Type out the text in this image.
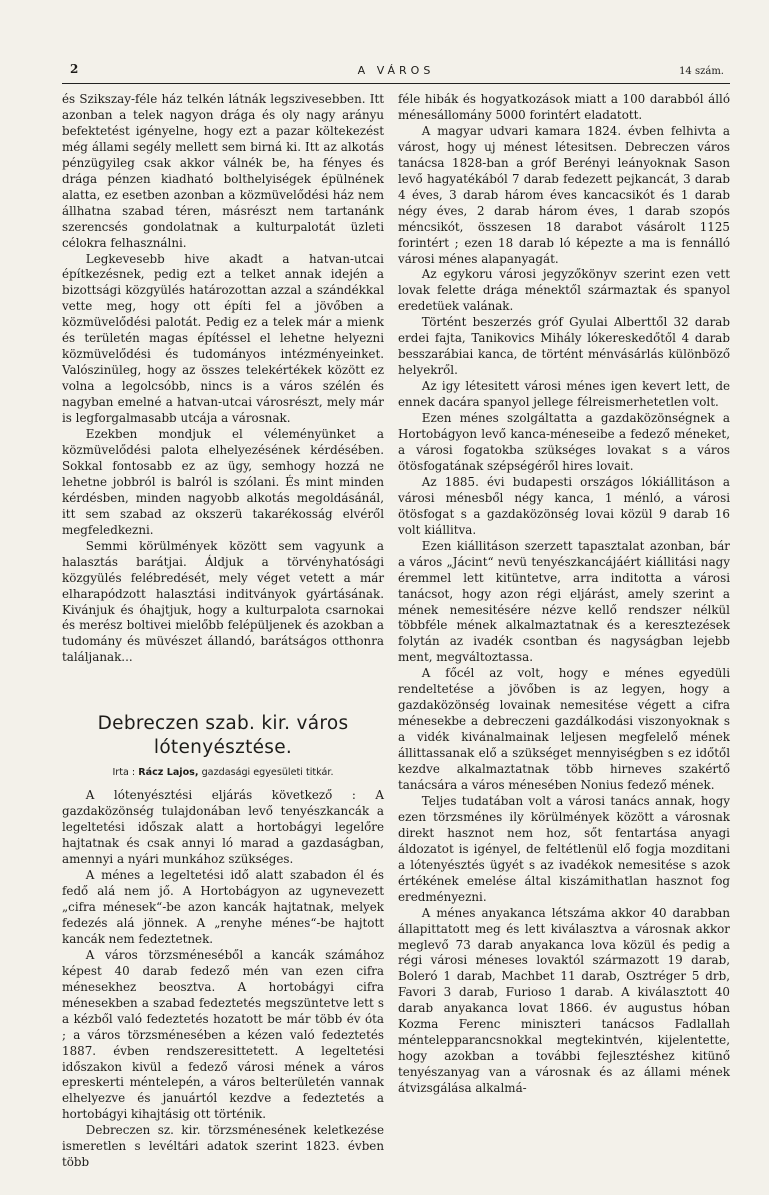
2	A VÁROS	14 szám.

és Szikszay-féle ház telkén látnák legszivesebben. Itt azonban a telek nagyon drága és oly nagy arányu befektetést igényelne, hogy ezt a pazar költekezést még állami segély mellett sem birná ki. Itt az alkotás pénzügyileg csak akkor válnék be, ha fényes és drága pénzen kiadható bolthelyiségek épülnének alatta, ez esetben azonban a közmüvelődési ház nem állhatna szabad téren, másrészt nem tartanánk szerencsés gondolatnak a kulturpalotát üzleti célokra felhasználni.

Legkevesebb hive akadt a hatvan-utcai építkezésnek, pedig ezt a telket annak idején a bizottsági közgyülés határozottan azzal a szándékkal vette meg, hogy ott építi fel a jövőben a közmüvelődési palotát. Pedig ez a telek már a mienk és területén magas építéssel el lehetne helyezni közmüvelődési és tudományos intézményeinket. Valószinüleg, hogy az összes telekértékek között ez volna a legolcsóbb, nincs is a város szélén és nagyban emelné a hatvan-utcai városrészt, mely már is legforgalmasabb utcája a városnak.

Ezekben mondjuk el véleményünket a közmüvelődési palota elhelyezésének kérdésében. Sokkal fontosabb ez az ügy, semhogy hozzá ne lehetne jobbról is balról is szólani. És mint minden kérdésben, minden nagyobb alkotás megoldásánál, itt sem szabad az okszerü takarékosság elvéről megfeledkezni.

Semmi körülmények között sem vagyunk a halasztás barátjai. Áldjuk a törvényhatósági közgyülés felébredését, mely véget vetett a már elharapódzott halasztási inditványok gyártásának. Kivánjuk és óhajtjuk, hogy a kulturpalota csarnokai és merész boltivei mielőbb felépüljenek és azokban a tudomány és müvészet állandó, barátságos otthonra találjanak...

Debreczen szab. kir. város
lótenyésztése.
Irta : Rácz Lajos, gazdasági egyesületi titkár.

A lótenyésztési eljárás következő : A gazdaközönség tulajdonában levő tenyészkancák a legeltetési időszak alatt a hortobágyi legelőre hajtatnak és csak annyi ló marad a gazdaságban, amennyi a nyári munkához szükséges.

A ménes a legeltetési idő alatt szabadon él és fedő alá nem jő. A Hortobágyon az ugynevezett „cifra ménesek“-be azon kancák hajtatnak, melyek fedezés alá jönnek. A „renyhe ménes“-be hajtott kancák nem fedeztetnek.

A város törzsméneséből a kancák számához képest 40 darab fedező mén van ezen cifra ménesekhez beosztva. A hortobágyi cifra ménesekben a szabad fedeztetés megszüntetve lett s a kézből való fedeztetés hozatott be már több év óta ; a város törzsménesében a kézen való fedeztetés 1887. évben rendszeresittetett. A legeltetési időszakon kivül a fedező városi mének a város epreskerti méntelepén, a város belterületén vannak elhelyezve és januártól kezdve a fedeztetés a hortobágyi kihajtásig ott történik.

Debreczen sz. kir. törzsménesének keletkezése ismeretlen s levéltári adatok szerint 1823. évben több

féle hibák és hogyatkozások miatt a 100 darabból álló ménesállomány 5000 forintért eladatott.

A magyar udvari kamara 1824. évben felhivta a várost, hogy uj ménest létesitsen. Debreczen város tanácsa 1828-ban a gróf Berényi leányoknak Sason levő hagyatékából 7 darab fedezett pejkancát, 3 darab 4 éves, 3 darab három éves kancacsikót és 1 darab négy éves, 2 darab három éves, 1 darab szopós méncsikót, összesen 18 darabot vásárolt 1125 forintért ; ezen 18 darab ló képezte a ma is fennálló városi ménes alapanyagát.

Az egykoru városi jegyzőkönyv szerint ezen vett lovak felette drága ménektől származtak és spanyol eredetüek valának.

Történt beszerzés gróf Gyulai Alberttől 32 darab erdei fajta, Tanikovics Mihály lókereskedőtől 4 darab besszarábiai kanca, de történt ménvásárlás különböző helyekről.

Az igy létesitett városi ménes igen kevert lett, de ennek dacára spanyol jellege félreismerhetetlen volt.

Ezen ménes szolgáltatta a gazdaközönségnek a Hortobágyon levő kanca-méneseibe a fedező méneket, a városi fogatokba szükséges lovakat s a város ötösfogatának szépségéről hires lovait.

Az 1885. évi budapesti országos lókiállitáson a városi ménesből négy kanca, 1 ménló, a városi ötösfogat s a gazdaközönség lovai közül 9 darab 16 volt kiállitva.

Ezen kiállitáson szerzett tapasztalat azonban, bár a város „Jácint“ nevü tenyészkancájáért kiállitási nagy éremmel lett kitüntetve, arra inditotta a városi tanácsot, hogy azon régi eljárást, amely szerint a mének nemesitésére nézve kellő rendszer nélkül többféle mének alkalmaztatnak és a keresztezések folytán az ivadék csontban és nagyságban lejebb ment, megváltoztassa.

A főcél az volt, hogy e ménes egyedüli rendeltetése a jövőben is az legyen, hogy a gazdaközönség lovainak nemesitése végett a cifra ménesekbe a debreczeni gazdálkodási viszonyoknak s a vidék kivánalmainak leljesen megfelelő mének állittassanak elő a szükséget mennyiségben s ez időtől kezdve alkalmaztatnak több hirneves szakértő tanácsára a város ménesében Nonius fedező mének.

Teljes tudatában volt a városi tanács annak, hogy ezen törzsménes ily körülmények között a városnak direkt hasznot nem hoz, sőt fentartása anyagi áldozatot is igényel, de feltétlenül elő fogja mozditani a lótenyésztés ügyét s az ivadékok nemesitése s azok értékének emelése által kiszámithatlan hasznot fog eredményezni.

A ménes anyakanca létszáma akkor 40 darabban állapittatott meg és lett kiválasztva a városnak akkor meglevő 73 darab anyakanca lova közül és pedig a régi városi méneses lovaktól származott 19 darab, Boleró 1 darab, Machbet 11 darab, Osztréger 5 drb, Favori 3 darab, Furioso 1 darab. A kiválasztott 40 darab anyakanca lovat 1866. év augustus hóban Kozma Ferenc miniszteri tanácsos Fadlallah méntelepparancsnokkal megtekintvén, kijelentette, hogy azokban a további fejlesztéshez kitünő tenyészanyag van a városnak és az állami mének átvizsgálása alkalmá-
